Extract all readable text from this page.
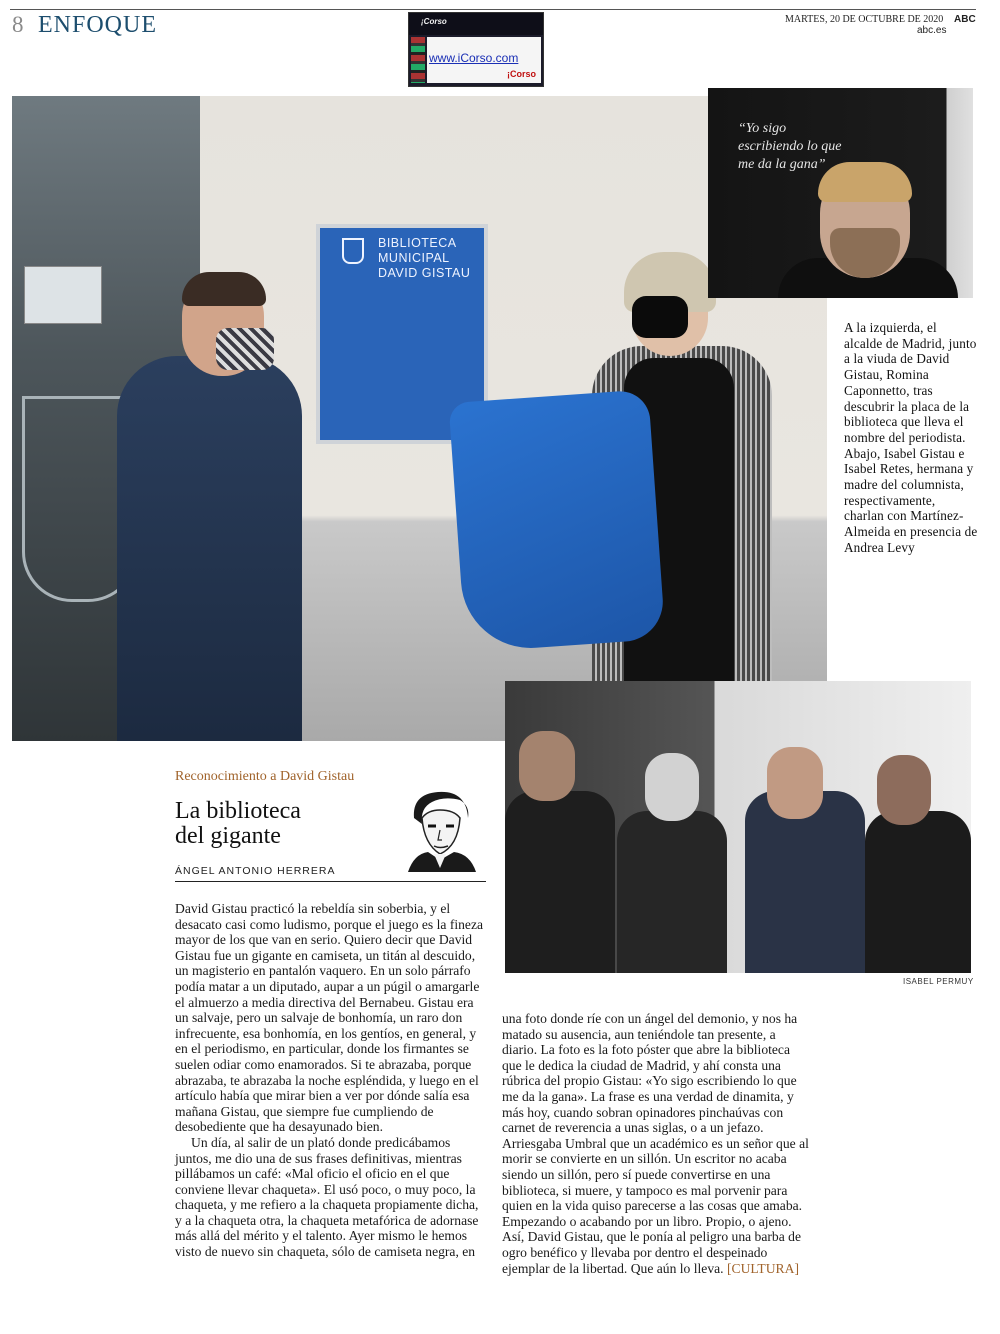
8 ENFOQUE	MARTES, 20 DE OCTUBRE DE 2020 ABC
abc.es
¡Corso
www.iCorso.com
¡Corso
BIBLIOTECA MUNICIPAL DAVID GISTAU
“Yo sigo escribiendo lo que me da la gana”
A la izquierda, el alcalde de Madrid, junto a la viuda de David Gistau, Romina Caponnetto, tras descubrir la placa de la biblioteca que lleva el nombre del periodista. Abajo, Isabel Gistau e Isabel Retes, hermana y madre del columnista, respectivamente, charlan con Martínez-Almeida en presencia de Andrea Levy
ISABEL PERMUY
Reconocimiento a David Gistau
La biblioteca
del gigante
ÁNGEL ANTONIO HERRERA

David Gistau practicó la rebeldía sin soberbia, y el desacato casi como ludismo, porque el juego es la fineza mayor de los que van en serio. Quiero decir que David Gistau fue un gigante en camiseta, un titán al descuido, un magisterio en pantalón vaquero. En un solo párrafo podía matar a un diputado, aupar a un púgil o amargarle el almuerzo a media directiva del Bernabeu. Gistau era un salvaje, pero un salvaje de bonhomía, un raro don infrecuente, esa bonhomía, en los gentíos, en general, y en el periodismo, en particular, donde los firmantes se suelen odiar como enamorados. Si te abrazaba, porque abrazaba, te abrazaba la noche espléndida, y luego en el artículo había que mirar bien a ver por dónde salía esa mañana Gistau, que siempre fue cumpliendo de desobediente que ha desayunado bien.

Un día, al salir de un plató donde predicábamos juntos, me dio una de sus frases definitivas, mientras pillábamos un café: «Mal oficio el oficio en el que conviene llevar chaqueta». El usó poco, o muy poco, la chaqueta, y me refiero a la chaqueta propiamente dicha, y a la chaqueta otra, la chaqueta metafórica de adornase más allá del mérito y el talento. Ayer mismo le hemos visto de nuevo sin chaqueta, sólo de camiseta negra, en

una foto donde ríe con un ángel del demonio, y nos ha matado su ausencia, aun teniéndole tan presente, a diario. La foto es la foto póster que abre la biblioteca que le dedica la ciudad de Madrid, y ahí consta una rúbrica del propio Gistau: «Yo sigo escribiendo lo que me da la gana». La frase es una verdad de dinamita, y más hoy, cuando sobran opinadores pinchaúvas con carnet de reverencia a unas siglas, o a un jefazo. Arriesgaba Umbral que un académico es un señor que al morir se convierte en un sillón. Un escritor no acaba siendo un sillón, pero sí puede convertirse en una biblioteca, si muere, y tampoco es mal porvenir para quien en la vida quiso parecerse a las cosas que amaba. Empezando o acabando por un libro. Propio, o ajeno. Así, David Gistau, que le ponía al peligro una barba de ogro benéfico y llevaba por dentro el despeinado ejemplar de la libertad. Que aún lo lleva. [CULTURA]
